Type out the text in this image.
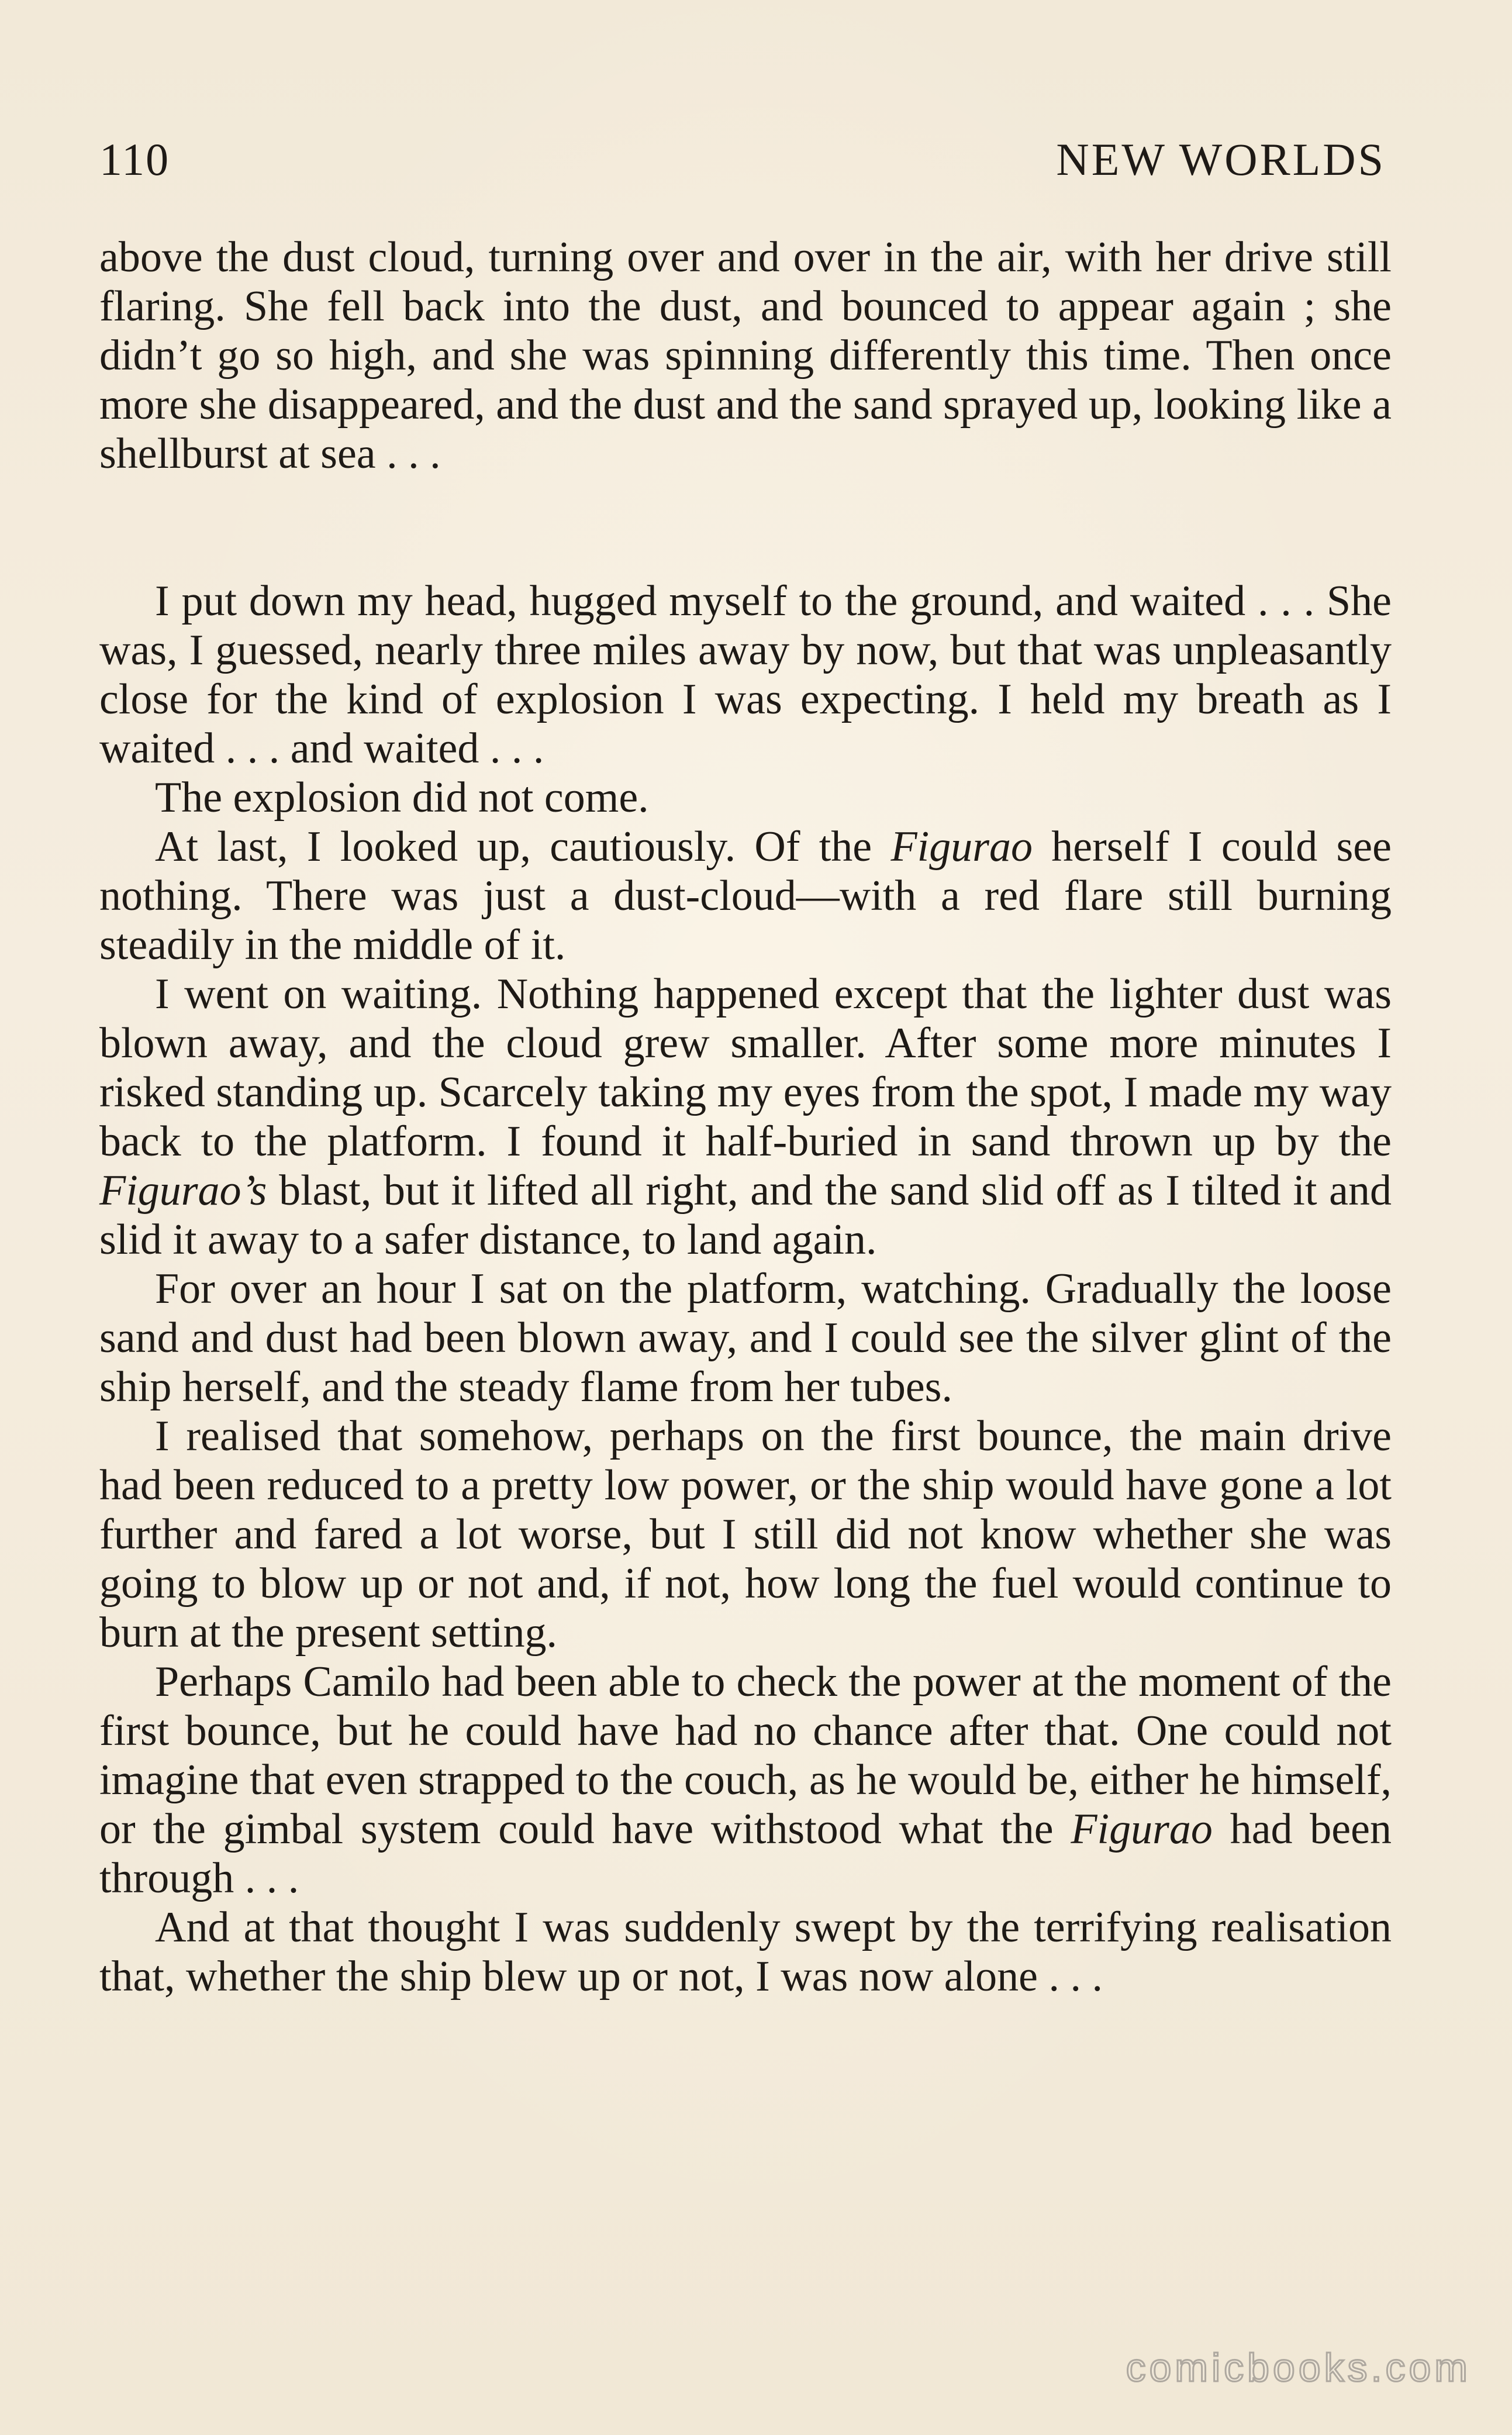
110	NEW WORLDS

above the dust cloud, turning over and over in the air, with her drive still flaring. She fell back into the dust, and bounced to appear again ; she didn’t go so high, and she was spinning differently this time. Then once more she disappeared, and the dust and the sand sprayed up, looking like a shellburst at sea . . .

I put down my head, hugged myself to the ground, and waited . . . She was, I guessed, nearly three miles away by now, but that was unpleasantly close for the kind of explosion I was expecting. I held my breath as I waited . . . and waited . . .

The explosion did not come.

At last, I looked up, cautiously. Of the Figurao herself I could see nothing. There was just a dust-cloud—with a red flare still burning steadily in the middle of it.

I went on waiting. Nothing happened except that the lighter dust was blown away, and the cloud grew smaller. After some more minutes I risked standing up. Scarcely taking my eyes from the spot, I made my way back to the platform. I found it half-buried in sand thrown up by the Figurao’s blast, but it lifted all right, and the sand slid off as I tilted it and slid it away to a safer distance, to land again.

For over an hour I sat on the platform, watching. Gradually the loose sand and dust had been blown away, and I could see the silver glint of the ship herself, and the steady flame from her tubes.

I realised that somehow, perhaps on the first bounce, the main drive had been reduced to a pretty low power, or the ship would have gone a lot further and fared a lot worse, but I still did not know whether she was going to blow up or not and, if not, how long the fuel would continue to burn at the present setting.

Perhaps Camilo had been able to check the power at the moment of the first bounce, but he could have had no chance after that. One could not imagine that even strapped to the couch, as he would be, either he himself, or the gimbal system could have withstood what the Figurao had been through . . .

And at that thought I was suddenly swept by the terrifying realisation that, whether the ship blew up or not, I was now alone . . .

comicbooks.com
